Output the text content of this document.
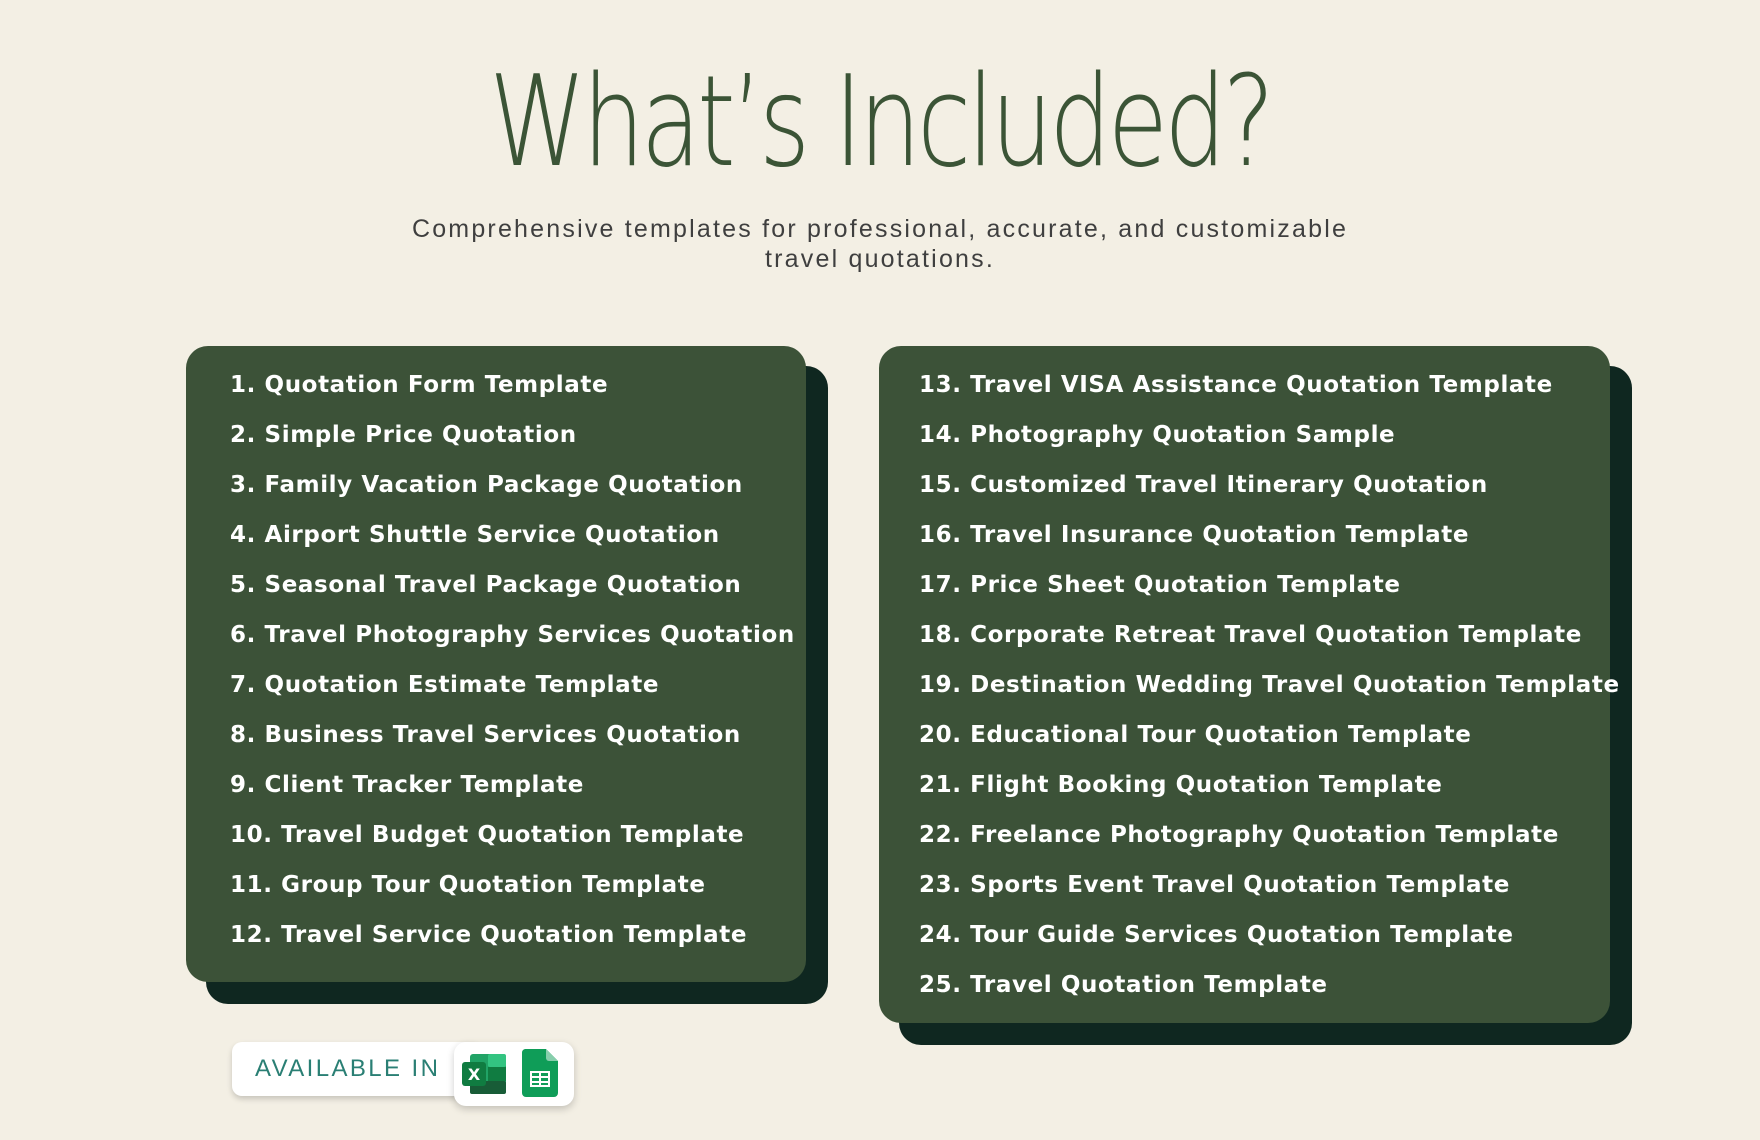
What’s Included?

Comprehensive templates for professional, accurate, and customizable
travel quotations.

1. Quotation Form Template
2. Simple Price Quotation
3. Family Vacation Package Quotation
4. Airport Shuttle Service Quotation
5. Seasonal Travel Package Quotation
6. Travel Photography Services Quotation
7. Quotation Estimate Template
8. Business Travel Services Quotation
9. Client Tracker Template
10. Travel Budget Quotation Template
11. Group Tour Quotation Template
12. Travel Service Quotation Template
13. Travel VISA Assistance Quotation Template
14. Photography Quotation Sample
15. Customized Travel Itinerary Quotation
16. Travel Insurance Quotation Template
17. Price Sheet Quotation Template
18. Corporate Retreat Travel Quotation Template
19. Destination Wedding Travel Quotation Template
20. Educational Tour Quotation Template
21. Flight Booking Quotation Template
22. Freelance Photography Quotation Template
23. Sports Event Travel Quotation Template
24. Tour Guide Services Quotation Template
25. Travel Quotation Template
AVAILABLE IN X
